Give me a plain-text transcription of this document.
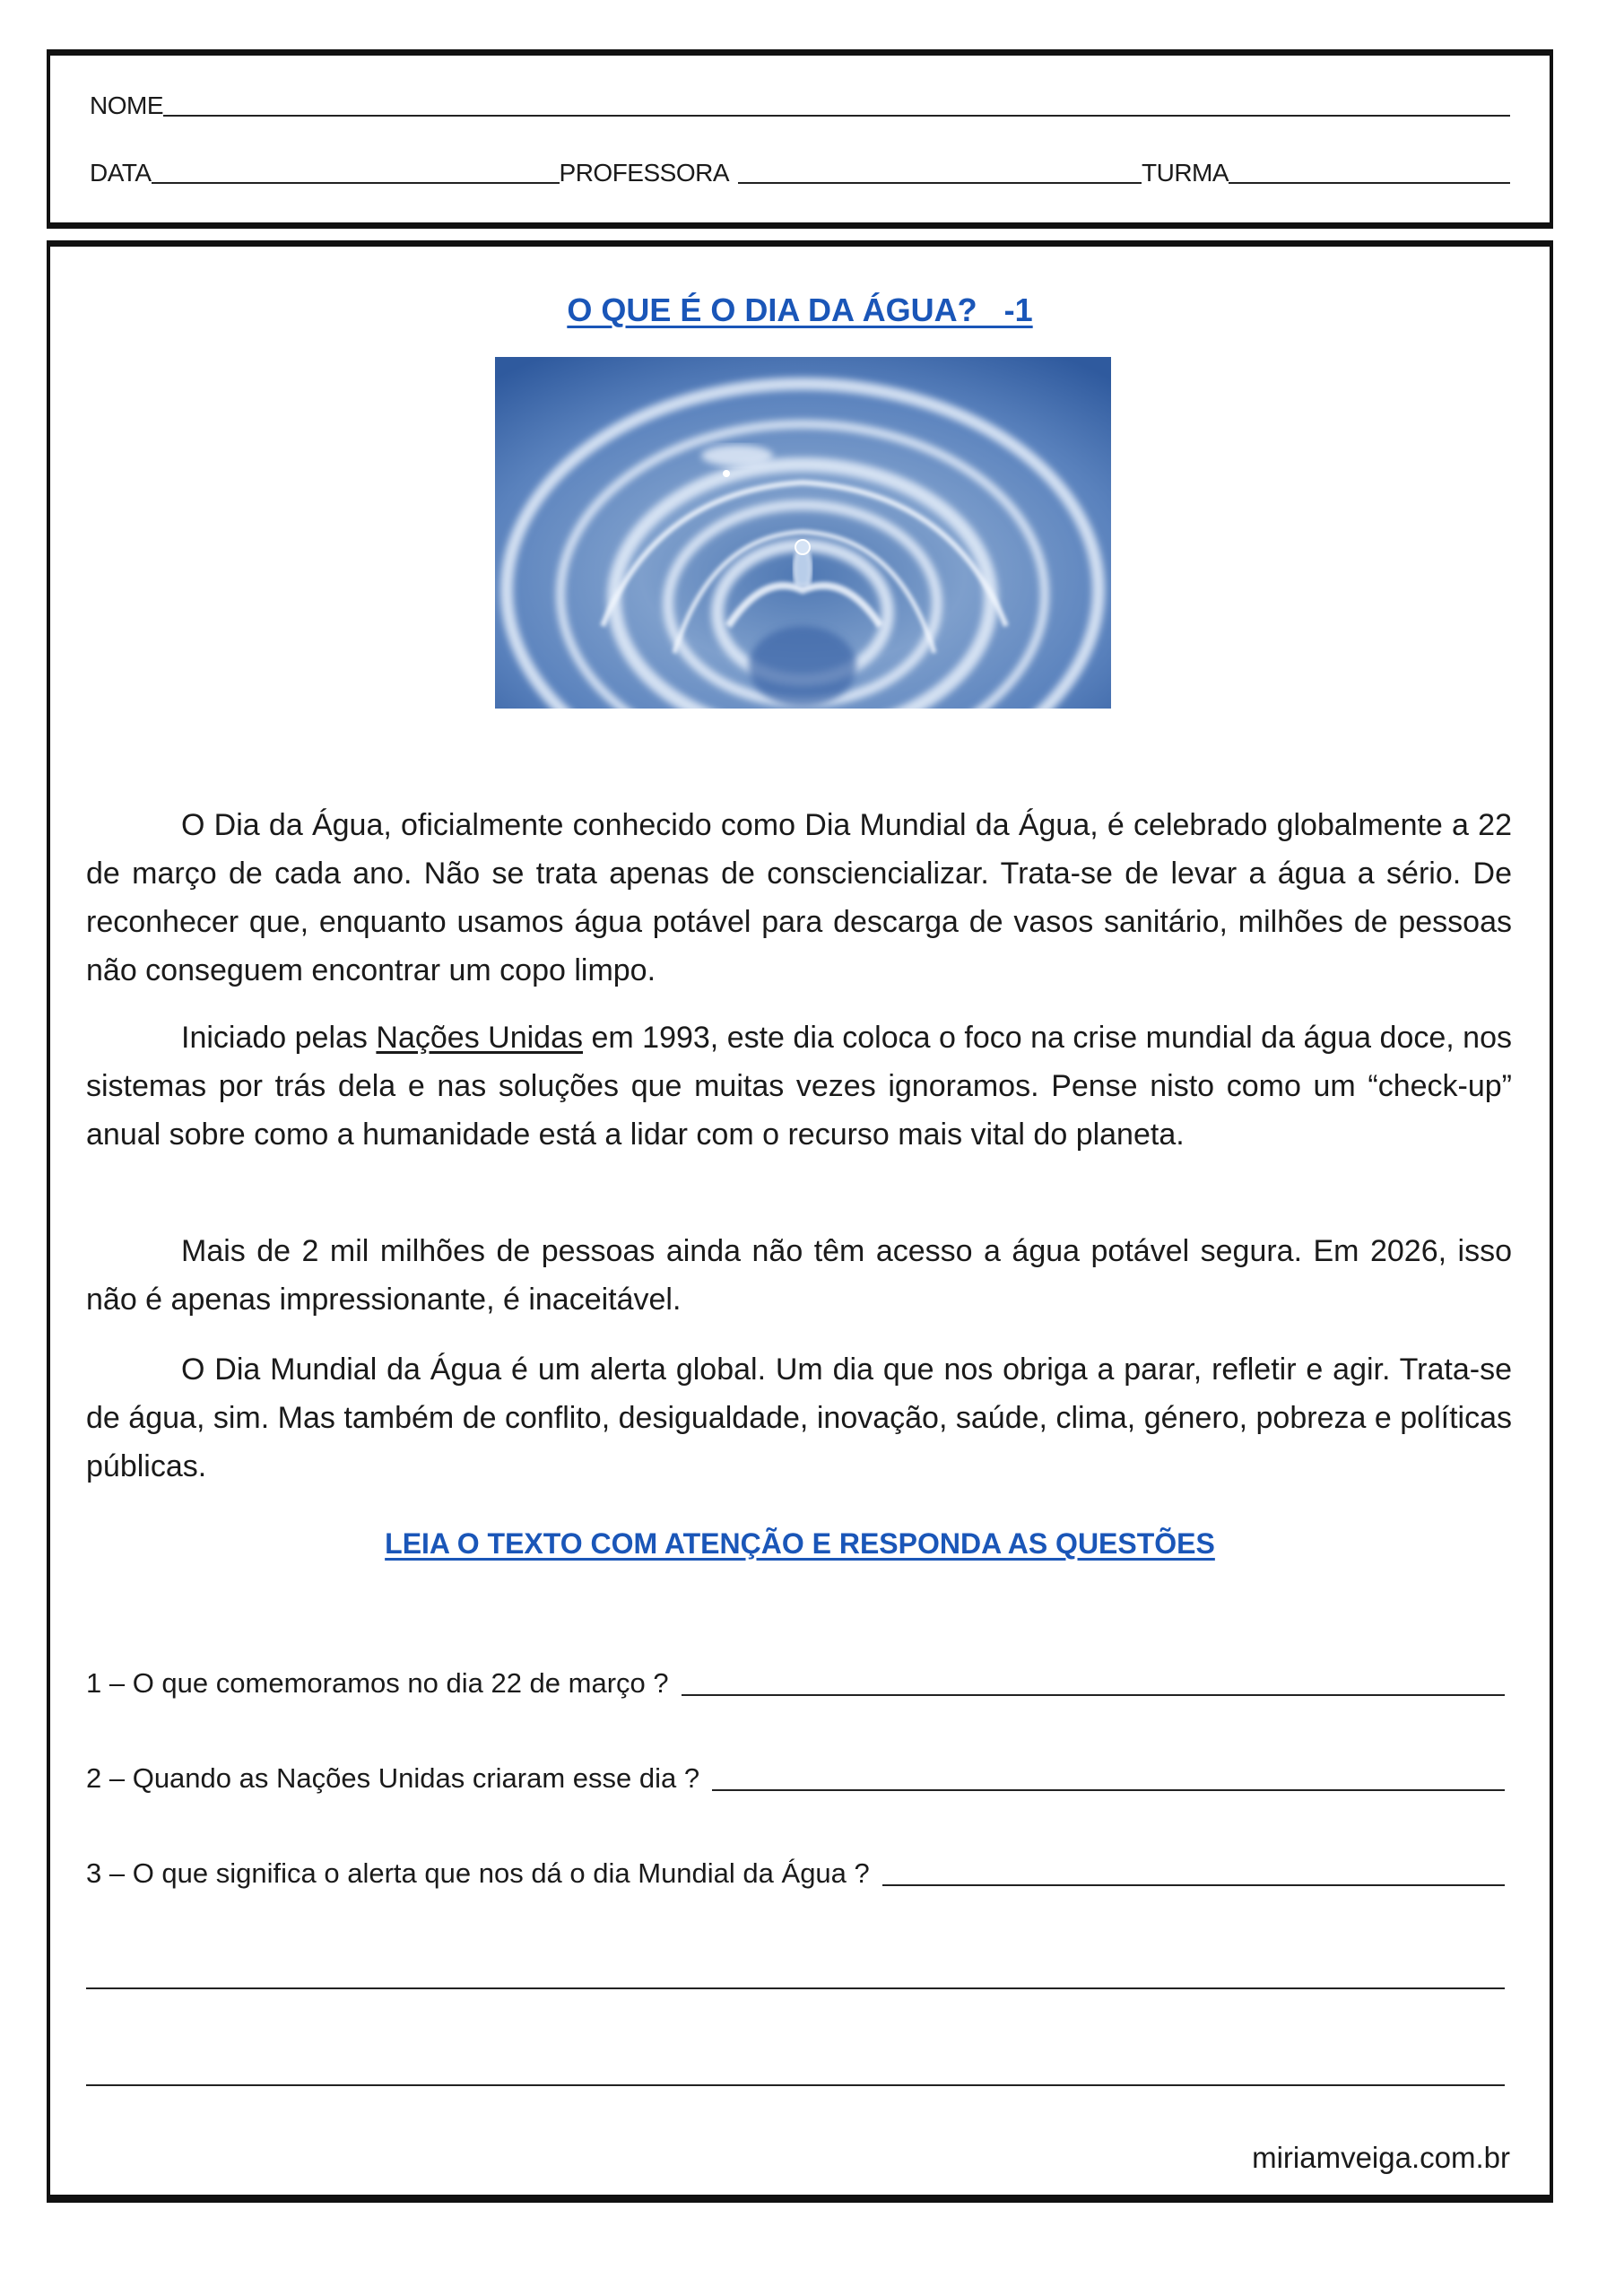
NOME
DATA	PROFESSORA	TURMA
O QUE É O DIA DA ÁGUA?   -1

O Dia da Água, oficialmente conhecido como Dia Mundial da Água, é celebrado globalmente a 22 de março de cada ano. Não se trata apenas de consciencializar. Trata-se de levar a água a sério. De reconhecer que, enquanto usamos água potável para descarga de vasos sanitário, milhões de pessoas não conseguem encontrar um copo limpo.

Iniciado pelas Nações Unidas em 1993, este dia coloca o foco na crise mundial da água doce, nos sistemas por trás dela e nas soluções que muitas vezes ignoramos. Pense nisto como um “check-up” anual sobre como a humanidade está a lidar com o recurso mais vital do planeta.

Mais de 2 mil milhões de pessoas ainda não têm acesso a água potável segura. Em 2026, isso não é apenas impressionante, é inaceitável.

O Dia Mundial da Água é um alerta global. Um dia que nos obriga a parar, refletir e agir. Trata-se de água, sim. Mas também de conflito, desigualdade, inovação, saúde, clima, género, pobreza e políticas públicas.

LEIA O TEXTO COM ATENÇÃO E RESPONDA AS QUESTÕES
1 – O que comemoramos no dia 22 de março ?
2 – Quando as Nações Unidas criaram esse dia ?
3 – O que significa o alerta que nos dá o dia Mundial da Água ?
miriamveiga.com.br
